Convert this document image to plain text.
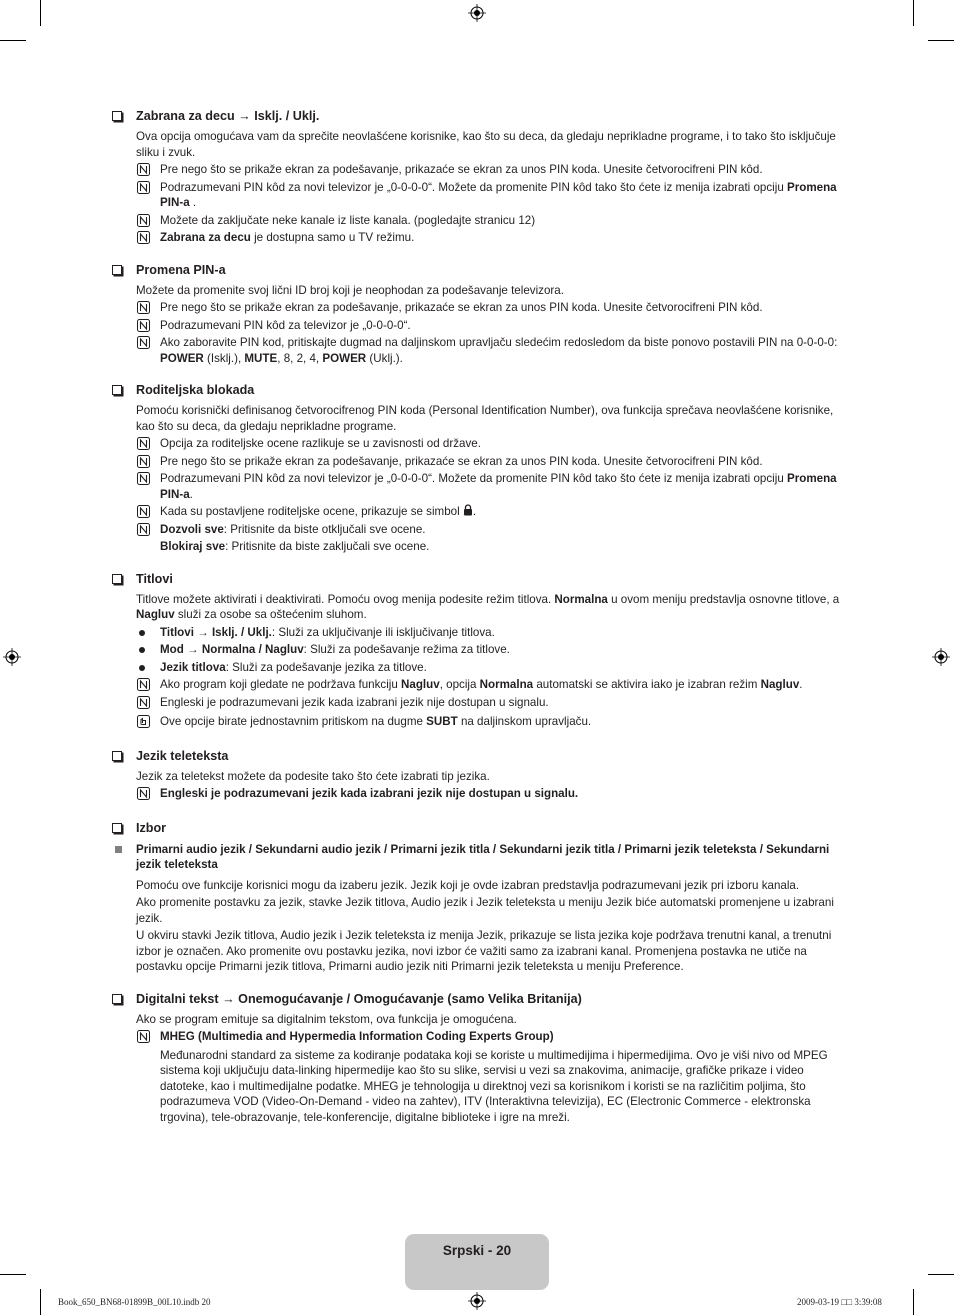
Zabrana za decu → Isklj. / Uklj.

Ova opcija omogućava vam da sprečite neovlašćene korisnike, kao što su deca, da gledaju neprikladne programe, i to tako što isključuje sliku i zvuk.

Pre nego što se prikaže ekran za podešavanje, prikazaće se ekran za unos PIN koda. Unesite četvorocifreni PIN kôd.
Podrazumevani PIN kôd za novi televizor je „0-0-0-0“. Možete da promenite PIN kôd tako što ćete iz menija izabrati opciju Promena PIN-a .
Možete da zaključate neke kanale iz liste kanala. (pogledajte stranicu 12)
Zabrana za decu je dostupna samo u TV režimu.
Promena PIN-a

Možete da promenite svoj lični ID broj koji je neophodan za podešavanje televizora.

Pre nego što se prikaže ekran za podešavanje, prikazaće se ekran za unos PIN koda. Unesite četvorocifreni PIN kôd.
Podrazumevani PIN kôd za televizor je „0-0-0-0“.
Ako zaboravite PIN kod, pritiskajte dugmad na daljinskom upravljaču sledećim redosledom da biste ponovo postavili PIN na 0-0-0-0: POWER (Isklj.), MUTE, 8, 2, 4, POWER (Uklj.).
Roditeljska blokada

Pomoću korisnički definisanog četvorocifrenog PIN koda (Personal Identification Number), ova funkcija sprečava neovlašćene korisnike, kao što su deca, da gledaju neprikladne programe.

Opcija za roditeljske ocene razlikuje se u zavisnosti od države.
Pre nego što se prikaže ekran za podešavanje, prikazaće se ekran za unos PIN koda. Unesite četvorocifreni PIN kôd.
Podrazumevani PIN kôd za novi televizor je „0-0-0-0“. Možete da promenite PIN kôd tako što ćete iz menija izabrati opciju Promena PIN-a.
Kada su postavljene roditeljske ocene, prikazuje se simbol .
Dozvoli sve: Pritisnite da biste otključali sve ocene.
Blokiraj sve: Pritisnite da biste zaključali sve ocene.
Titlovi

Titlove možete aktivirati i deaktivirati. Pomoću ovog menija podesite režim titlova. Normalna u ovom meniju predstavlja osnovne titlove, a Nagluv služi za osobe sa oštećenim sluhom.

Titlovi → Isklj. / Uklj.: Služi za uključivanje ili isključivanje titlova.
Mod → Normalna / Nagluv: Služi za podešavanje režima za titlove.
Jezik titlova: Služi za podešavanje jezika za titlove.
Ako program koji gledate ne podržava funkciju Nagluv, opcija Normalna automatski se aktivira iako je izabran režim Nagluv.
Engleski je podrazumevani jezik kada izabrani jezik nije dostupan u signalu.
Ove opcije birate jednostavnim pritiskom na dugme SUBT na daljinskom upravljaču.
Jezik teleteksta

Jezik za teletekst možete da podesite tako što ćete izabrati tip jezika.

Engleski je podrazumevani jezik kada izabrani jezik nije dostupan u signalu.
Izbor
Primarni audio jezik / Sekundarni audio jezik / Primarni jezik titla / Sekundarni jezik titla / Primarni jezik teleteksta / Sekundarni jezik teleteksta

Pomoću ove funkcije korisnici mogu da izaberu jezik. Jezik koji je ovde izabran predstavlja podrazumevani jezik pri izboru kanala.

Ako promenite postavku za jezik, stavke Jezik titlova, Audio jezik i Jezik teleteksta u meniju Jezik biće automatski promenjene u izabrani jezik.

U okviru stavki Jezik titlova, Audio jezik i Jezik teleteksta iz menija Jezik, prikazuje se lista jezika koje podržava trenutni kanal, a trenutni izbor je označen. Ako promenite ovu postavku jezika, novi izbor će važiti samo za izabrani kanal. Promenjena postavka ne utiče na postavku opcije Primarni jezik titlova, Primarni audio jezik niti Primarni jezik teleteksta u meniju Preference.

Digitalni tekst → Onemogućavanje / Omogućavanje (samo Velika Britanija)

Ako se program emituje sa digitalnim tekstom, ova funkcija je omogućena.

MHEG (Multimedia and Hypermedia Information Coding Experts Group)

Međunarodni standard za sisteme za kodiranje podataka koji se koriste u multimedijima i hipermedijima. Ovo je viši nivo od MPEG sistema koji uključuju data-linking hipermedije kao što su slike, servisi u vezi sa znakovima, animacije, grafičke prikaze i video datoteke, kao i multimedijalne podatke. MHEG je tehnologija u direktnoj vezi sa korisnikom i koristi se na različitim poljima, što podrazumeva VOD (Video-On-Demand - video na zahtev), ITV (Interaktivna televizija), EC (Electronic Commerce - elektronska trgovina), tele-obrazovanje, tele-konferencije, digitalne biblioteke i igre na mreži.

Srpski - 20
Book_650_BN68-01899B_00L10.indb 20	2009-03-19 □□ 3:39:08
